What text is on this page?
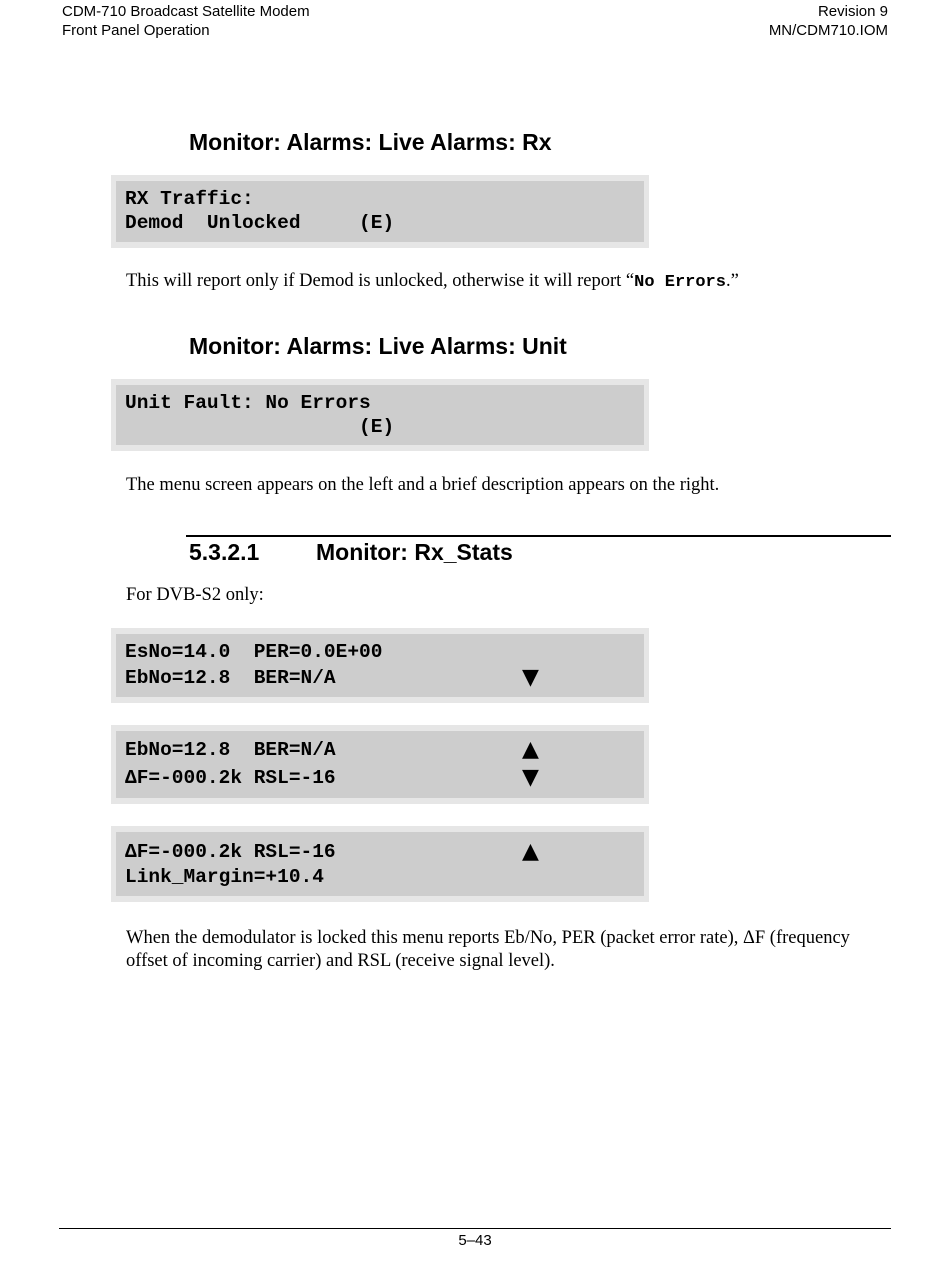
CDM-710 Broadcast Satellite Modem
Front Panel Operation
Revision 9
MN/CDM710.IOM
Monitor: Alarms: Live Alarms: Rx
RX Traffic:
Demod  Unlocked     (E)
This will report only if Demod is unlocked, otherwise it will report “No Errors.”
Monitor: Alarms: Live Alarms: Unit
Unit Fault: No Errors
(E)
The menu screen appears on the left and a brief description appears on the right.
5.3.2.1 Monitor: Rx_Stats
For DVB-S2 only:
EsNo=14.0  PER=0.0E+00
EbNo=12.8  BER=N/A	▼
EbNo=12.8  BER=N/A
ΔF=-000.2k RSL=-16
▲
▼
ΔF=-000.2k RSL=-16
Link_Margin=+10.4
▲
When the demodulator is locked this menu reports Eb/No, PER (packet error rate), ΔF (frequency offset of incoming carrier) and RSL (receive signal level).
5–43
